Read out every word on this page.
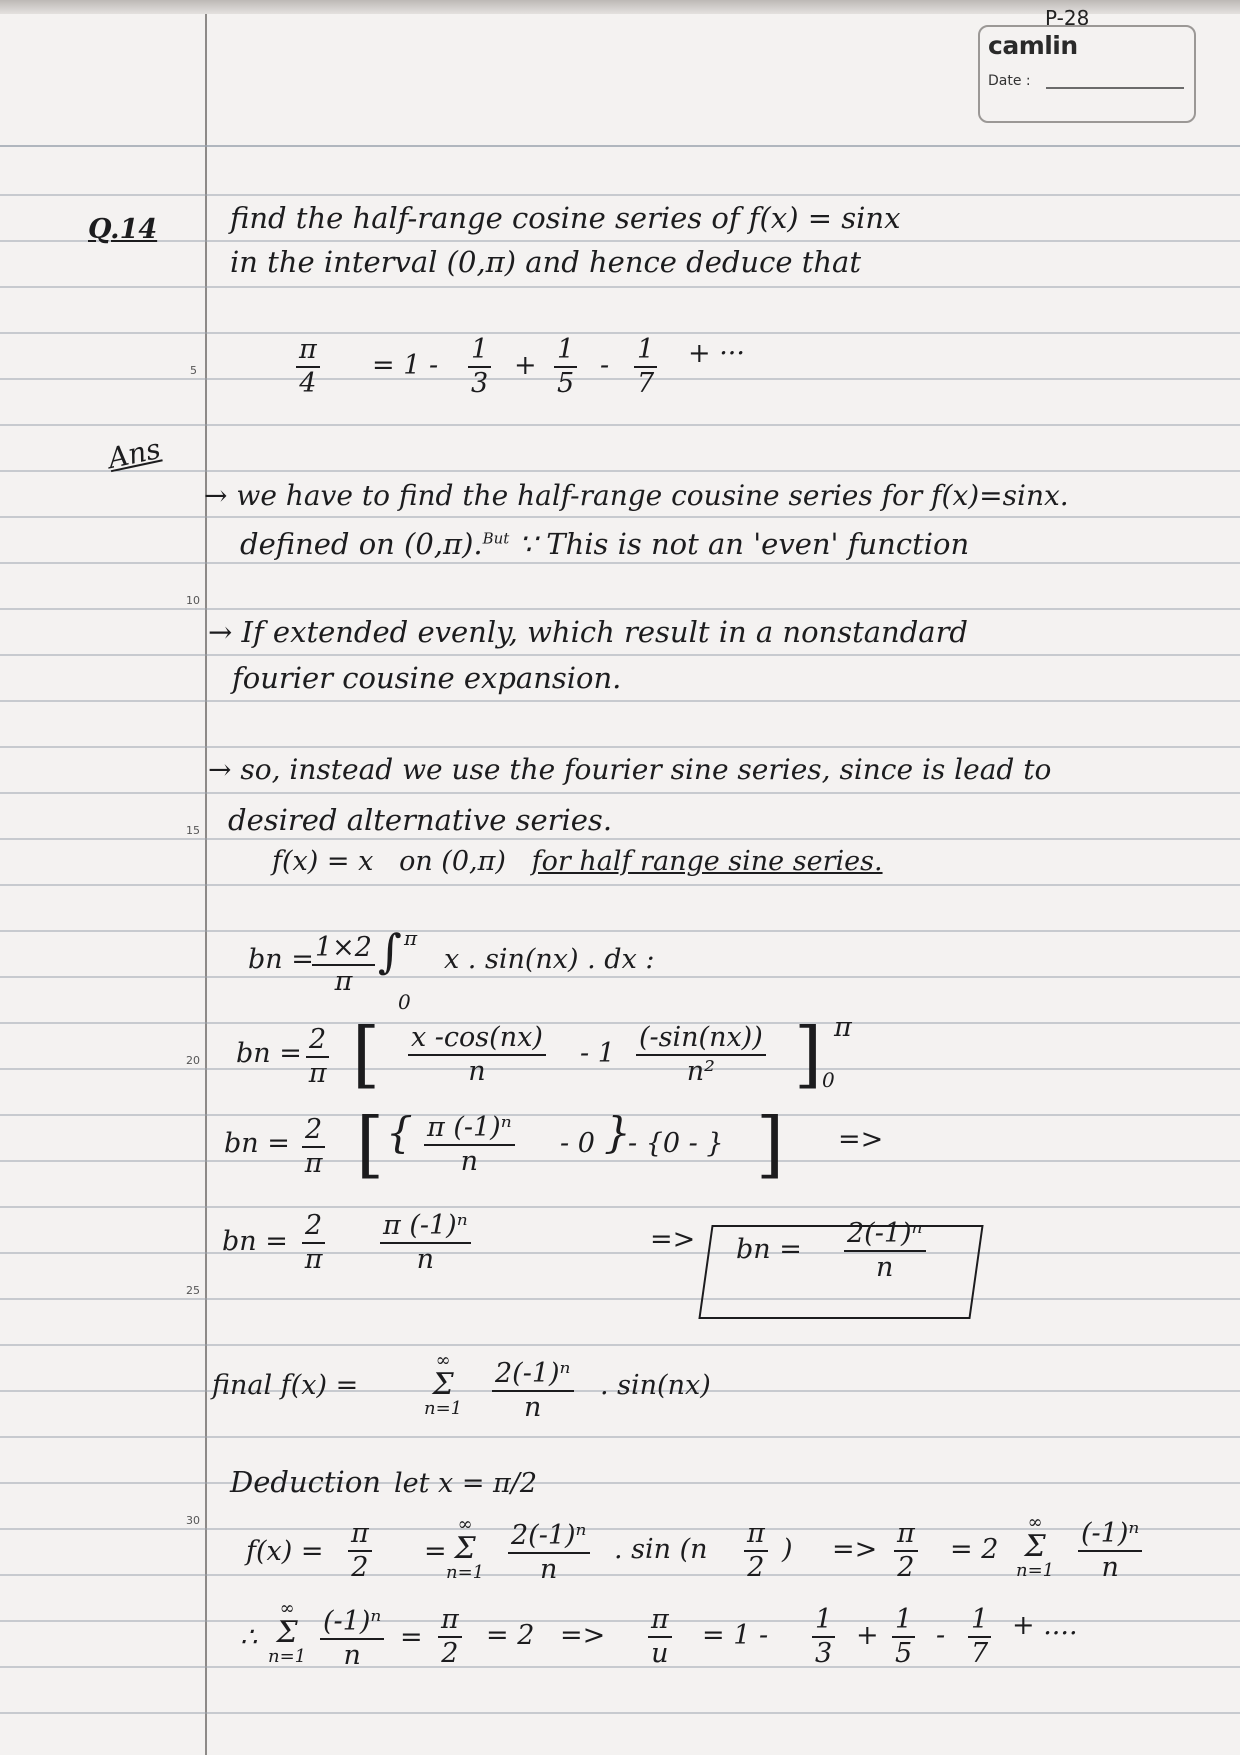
P-28
camlin
Date :
5
10
15
20
25
30
Q.14	find the half-range cosine series of f(x) = sinx
in the interval (0,π) and hence deduce that
$\frac{\pi}{4} = 1 - \frac{1}{3} + \frac{1}{5} - \frac{1}{7}$ + ···
Ans
→ we have to find the half-range cousine series for f(x)=sinx.
defined on (0,π).$^{But}$ ∵ This is not an 'even' function
→ If extended evenly, which result in a nonstandard
fourier cousine expansion.
→ so, instead we use the fourier sine series, since is lead to
desired alternative series.
f(x) = x on (0,π) for half range sine series.
bn =
$\frac{1\times 2}{\pi}$ ∫ π
0
x . sin(nx) . dx :
bn = $\frac{2}{\pi}$ [ $\frac{x -\cos(nx)}{n} - 1 \frac{(-\sin(nx))}{\text{n²}}$ ] π
0
bn = $\frac{2}{\pi}$ [ { $\frac{\text{π (-1)ⁿ}}{n} - 0$ }
- {0 - } ] =>
bn = $\frac{2}{\pi} \frac{\text{π (-1)ⁿ}}{n}$	=> bn = $\frac{\text{2(-1)ⁿ}}{n}$
final f(x) =
∞
Σ
$n=1 \frac{\text{2(-1)ⁿ}}{n}$ . sin(nx)
Deduction let x = π/2
$f(x) = \frac{\pi}{2}$ =
∞
Σ
$n=1 \frac{\text{2(-1)ⁿ}}{n}$ . $\sin (n \frac{\pi}{2}$ ) => $\frac{\pi}{2} = 2$
∞
Σ
$n=1 \frac{\text{(-1)ⁿ}}{n}$
∴
∞
Σ
$n=1 \frac{\text{(-1)ⁿ}}{n} = \frac{\pi}{2} = 2 => \frac{\pi}{u} = 1 - \frac{1}{3} + \frac{1}{5} - \frac{1}{7}$ + ....
